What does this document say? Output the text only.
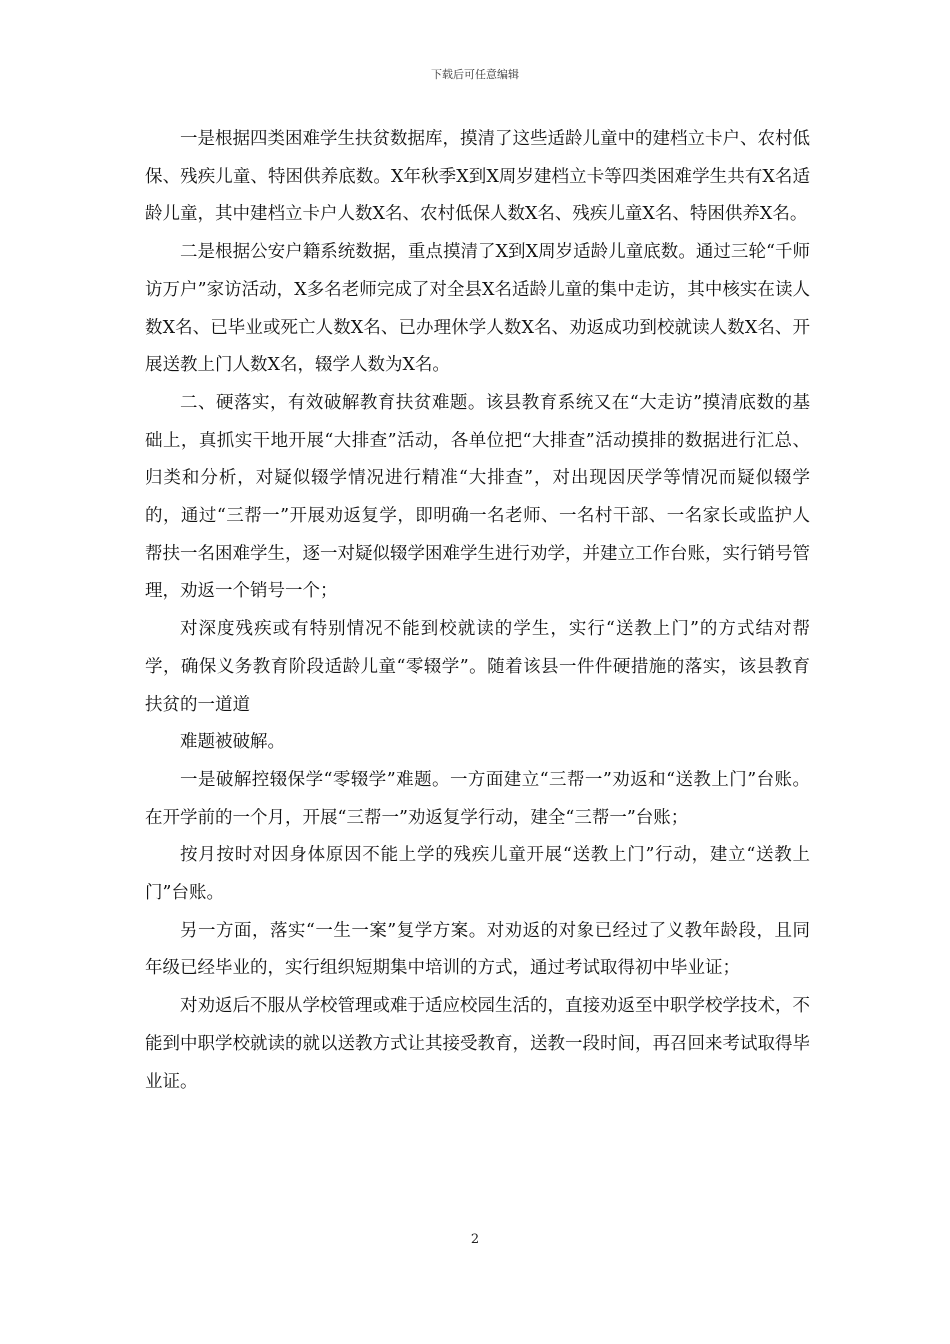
下载后可任意编辑

一是根据四类困难学生扶贫数据库，摸清了这些适龄儿童中的建档立卡户、农村低保、残疾儿童、特困供养底数。X年秋季X到X周岁建档立卡等四类困难学生共有X名适龄儿童，其中建档立卡户人数X名、农村低保人数X名、残疾儿童X名、特困供养X名。

二是根据公安户籍系统数据，重点摸清了X到X周岁适龄儿童底数。通过三轮“千师访万户”家访活动，X多名老师完成了对全县X名适龄儿童的集中走访，其中核实在读人数X名、已毕业或死亡人数X名、已办理休学人数X名、劝返成功到校就读人数X名、开展送教上门人数X名，辍学人数为X名。

二、硬落实，有效破解教育扶贫难题。该县教育系统又在“大走访”摸清底数的基础上，真抓实干地开展“大排查”活动，各单位把“大排查”活动摸排的数据进行汇总、归类和分析，对疑似辍学情况进行精准“大排查”，对出现因厌学等情况而疑似辍学的，通过“三帮一”开展劝返复学，即明确一名老师、一名村干部、一名家长或监护人帮扶一名困难学生，逐一对疑似辍学困难学生进行劝学，并建立工作台账，实行销号管理，劝返一个销号一个；

对深度残疾或有特别情况不能到校就读的学生，实行“送教上门”的方式结对帮学，确保义务教育阶段适龄儿童“零辍学”。随着该县一件件硬措施的落实，该县教育扶贫的一道道

难题被破解。

一是破解控辍保学“零辍学”难题。一方面建立“三帮一”劝返和“送教上门”台账。在开学前的一个月，开展“三帮一”劝返复学行动，建全“三帮一”台账；

按月按时对因身体原因不能上学的残疾儿童开展“送教上门”行动，建立“送教上门”台账。

另一方面，落实“一生一案”复学方案。对劝返的对象已经过了义教年龄段，且同年级已经毕业的，实行组织短期集中培训的方式，通过考试取得初中毕业证；

对劝返后不服从学校管理或难于适应校园生活的，直接劝返至中职学校学技术，不能到中职学校就读的就以送教方式让其接受教育，送教一段时间，再召回来考试取得毕业证。

2
